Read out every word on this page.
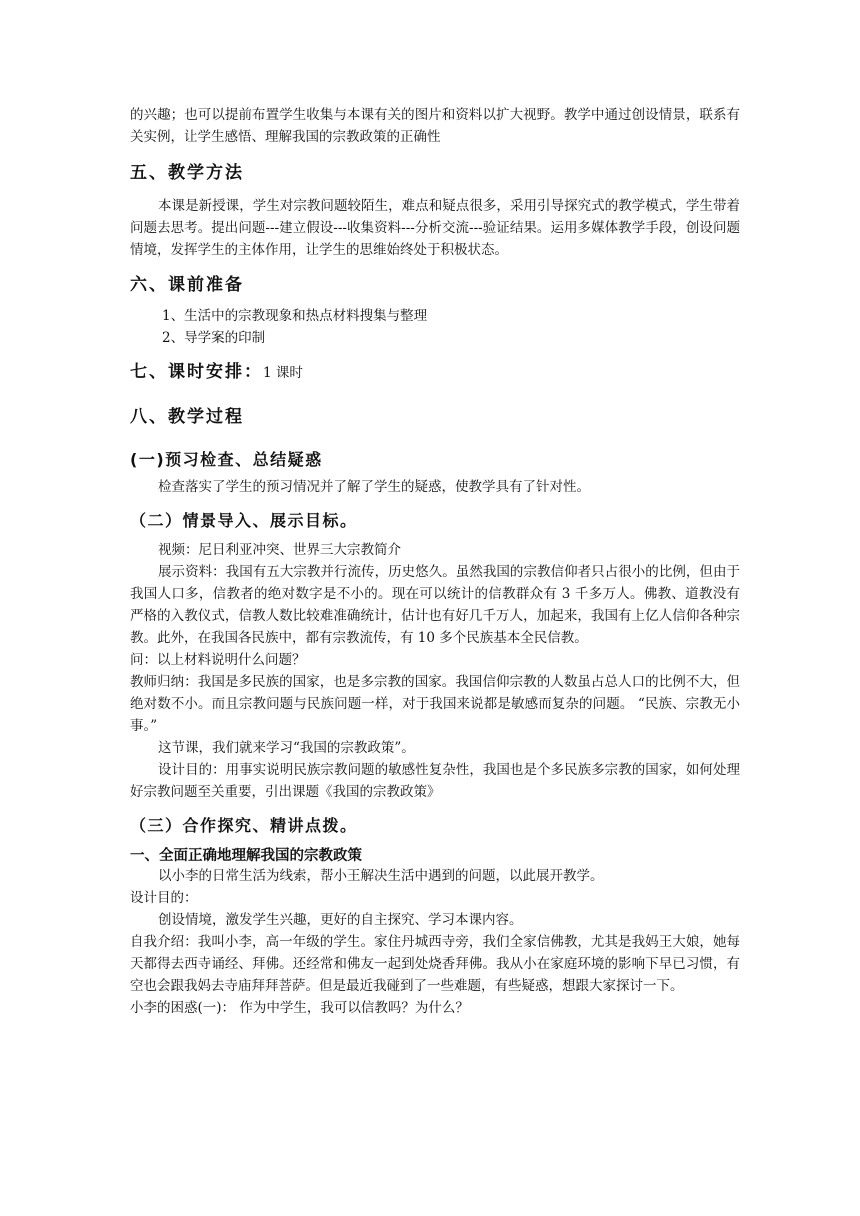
的兴趣；也可以提前布置学生收集与本课有关的图片和资料以扩大视野。教学中通过创设情景，联系有关实例，让学生感悟、理解我国的宗教政策的正确性

五、教学方法

本课是新授课，学生对宗教问题较陌生，难点和疑点很多，采用引导探究式的教学模式，学生带着问题去思考。提出问题---建立假设---收集资料---分析交流---验证结果。运用多媒体教学手段，创设问题情境，发挥学生的主体作用，让学生的思维始终处于积极状态。

六、课前准备

1、生活中的宗教现象和热点材料搜集与整理

2、导学案的印制

七、课时安排：1 课时

八、教学过程

(一)预习检查、总结疑惑

检查落实了学生的预习情况并了解了学生的疑惑，使教学具有了针对性。

（二）情景导入、展示目标。

视频：尼日利亚冲突、世界三大宗教简介

展示资料：我国有五大宗教并行流传，历史悠久。虽然我国的宗教信仰者只占很小的比例，但由于我国人口多，信教者的绝对数字是不小的。现在可以统计的信教群众有 3 千多万人。佛教、道教没有严格的入教仪式，信教人数比较难准确统计，估计也有好几千万人，加起来，我国有上亿人信仰各种宗教。此外，在我国各民族中，都有宗教流传，有 10 多个民族基本全民信教。

问：以上材料说明什么问题？

教师归纳：我国是多民族的国家，也是多宗教的国家。我国信仰宗教的人数虽占总人口的比例不大，但绝对数不小。而且宗教问题与民族问题一样，对于我国来说都是敏感而复杂的问题。 “民族、宗教无小事。”

这节课，我们就来学习“我国的宗教政策”。

设计目的：用事实说明民族宗教问题的敏感性复杂性，我国也是个多民族多宗教的国家，如何处理好宗教问题至关重要，引出课题《我国的宗教政策》

（三）合作探究、精讲点拨。

一、全面正确地理解我国的宗教政策

以小李的日常生活为线索，帮小王解决生活中遇到的问题，以此展开教学。

设计目的：

创设情境，激发学生兴趣，更好的自主探究、学习本课内容。

自我介绍：我叫小李，高一年级的学生。家住丹城西寺旁，我们全家信佛教，尤其是我妈王大娘，她每天都得去西寺诵经、拜佛。还经常和佛友一起到处烧香拜佛。我从小在家庭环境的影响下早已习惯，有空也会跟我妈去寺庙拜拜菩萨。但是最近我碰到了一些难题，有些疑惑，想跟大家探讨一下。

小李的困惑(一)： 作为中学生，我可以信教吗？为什么？
